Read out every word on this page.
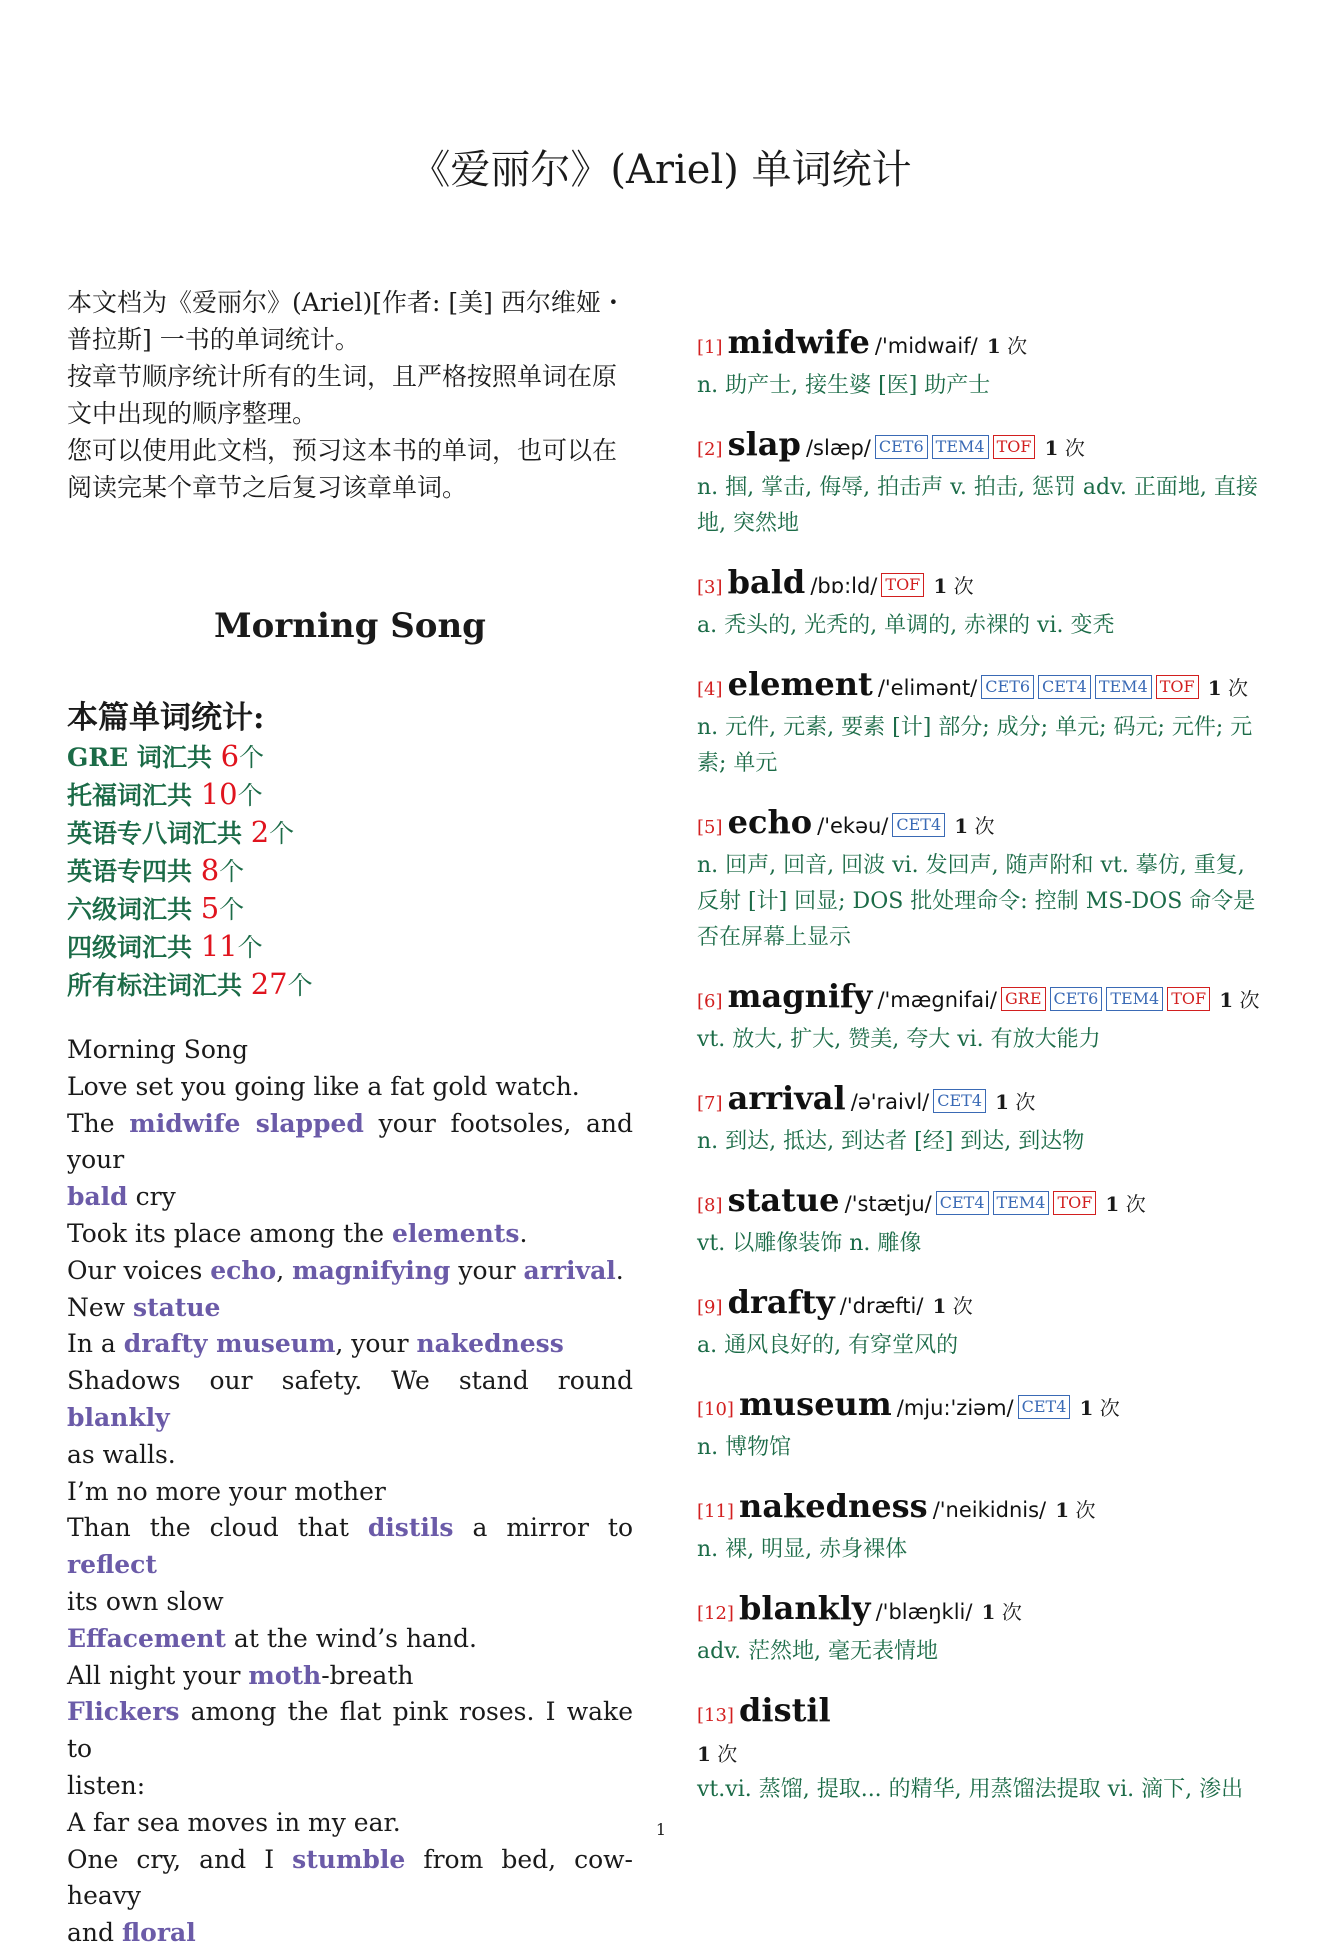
《爱丽尔》(Ariel) 单词统计

本文档为《爱丽尔》(Ariel)[作者: [美] 西尔维娅・普拉斯] 一书的单词统计。

按章节顺序统计所有的生词，且严格按照单词在原文中出现的顺序整理。

您可以使用此文档，预习这本书的单词，也可以在阅读完某个章节之后复习该章单词。

Morning Song
本篇单词统计:
GRE 词汇共 6个
托福词汇共 10个
英语专八词汇共 2个
英语专四共 8个
六级词汇共 5个
四级词汇共 11个
所有标注词汇共 27个
Morning Song
Love set you going like a fat gold watch.
The midwife slapped your footsoles, and your
bald cry
Took its place among the elements.
Our voices echo, magnifying your arrival.
New statue
In a drafty museum, your nakedness
Shadows our safety. We stand round blankly
as walls.
I’m no more your mother
Than the cloud that distils a mirror to reflect
its own slow
Effacement at the wind’s hand.
All night your moth-breath
Flickers among the flat pink roses. I wake to
listen:
A far sea moves in my ear.
One cry, and I stumble from bed, cow-heavy
and floral
[1] midwife /'midwaif/ 1 次
n. 助产士, 接生婆 [医] 助产士
[2] slap /slæp/ CET6 TEM4 TOF 1 次
n. 掴, 掌击, 侮辱, 拍击声 v. 拍击, 惩罚 adv. 正面地, 直接地, 突然地
[3] bald /bɒ:ld/ TOF 1 次
a. 秃头的, 光秃的, 单调的, 赤裸的 vi. 变秃
[4] element /'elimənt/ CET6 CET4 TEM4 TOF 1 次
n. 元件, 元素, 要素 [计] 部分; 成分; 单元; 码元; 元件; 元素; 单元
[5] echo /'ekəu/ CET4 1 次
n. 回声, 回音, 回波 vi. 发回声, 随声附和 vt. 摹仿, 重复, 反射 [计] 回显; DOS 批处理命令: 控制 MS-DOS 命令是否在屏幕上显示
[6] magnify /'mægnifai/ GRE CET6 TEM4 TOF 1 次
vt. 放大, 扩大, 赞美, 夸大 vi. 有放大能力
[7] arrival /ə'raivl/ CET4 1 次
n. 到达, 抵达, 到达者 [经] 到达, 到达物
[8] statue /'stætju/ CET4 TEM4 TOF 1 次
vt. 以雕像装饰 n. 雕像
[9] drafty /'dræfti/ 1 次
a. 通风良好的, 有穿堂风的
[10] museum /mju:'ziəm/ CET4 1 次
n. 博物馆
[11] nakedness /'neikidnis/ 1 次
n. 裸, 明显, 赤身裸体
[12] blankly /'blæŋkli/ 1 次
adv. 茫然地, 毫无表情地
[13] distil
1 次
vt.vi. 蒸馏, 提取... 的精华, 用蒸馏法提取 vi. 滴下, 渗出
1
